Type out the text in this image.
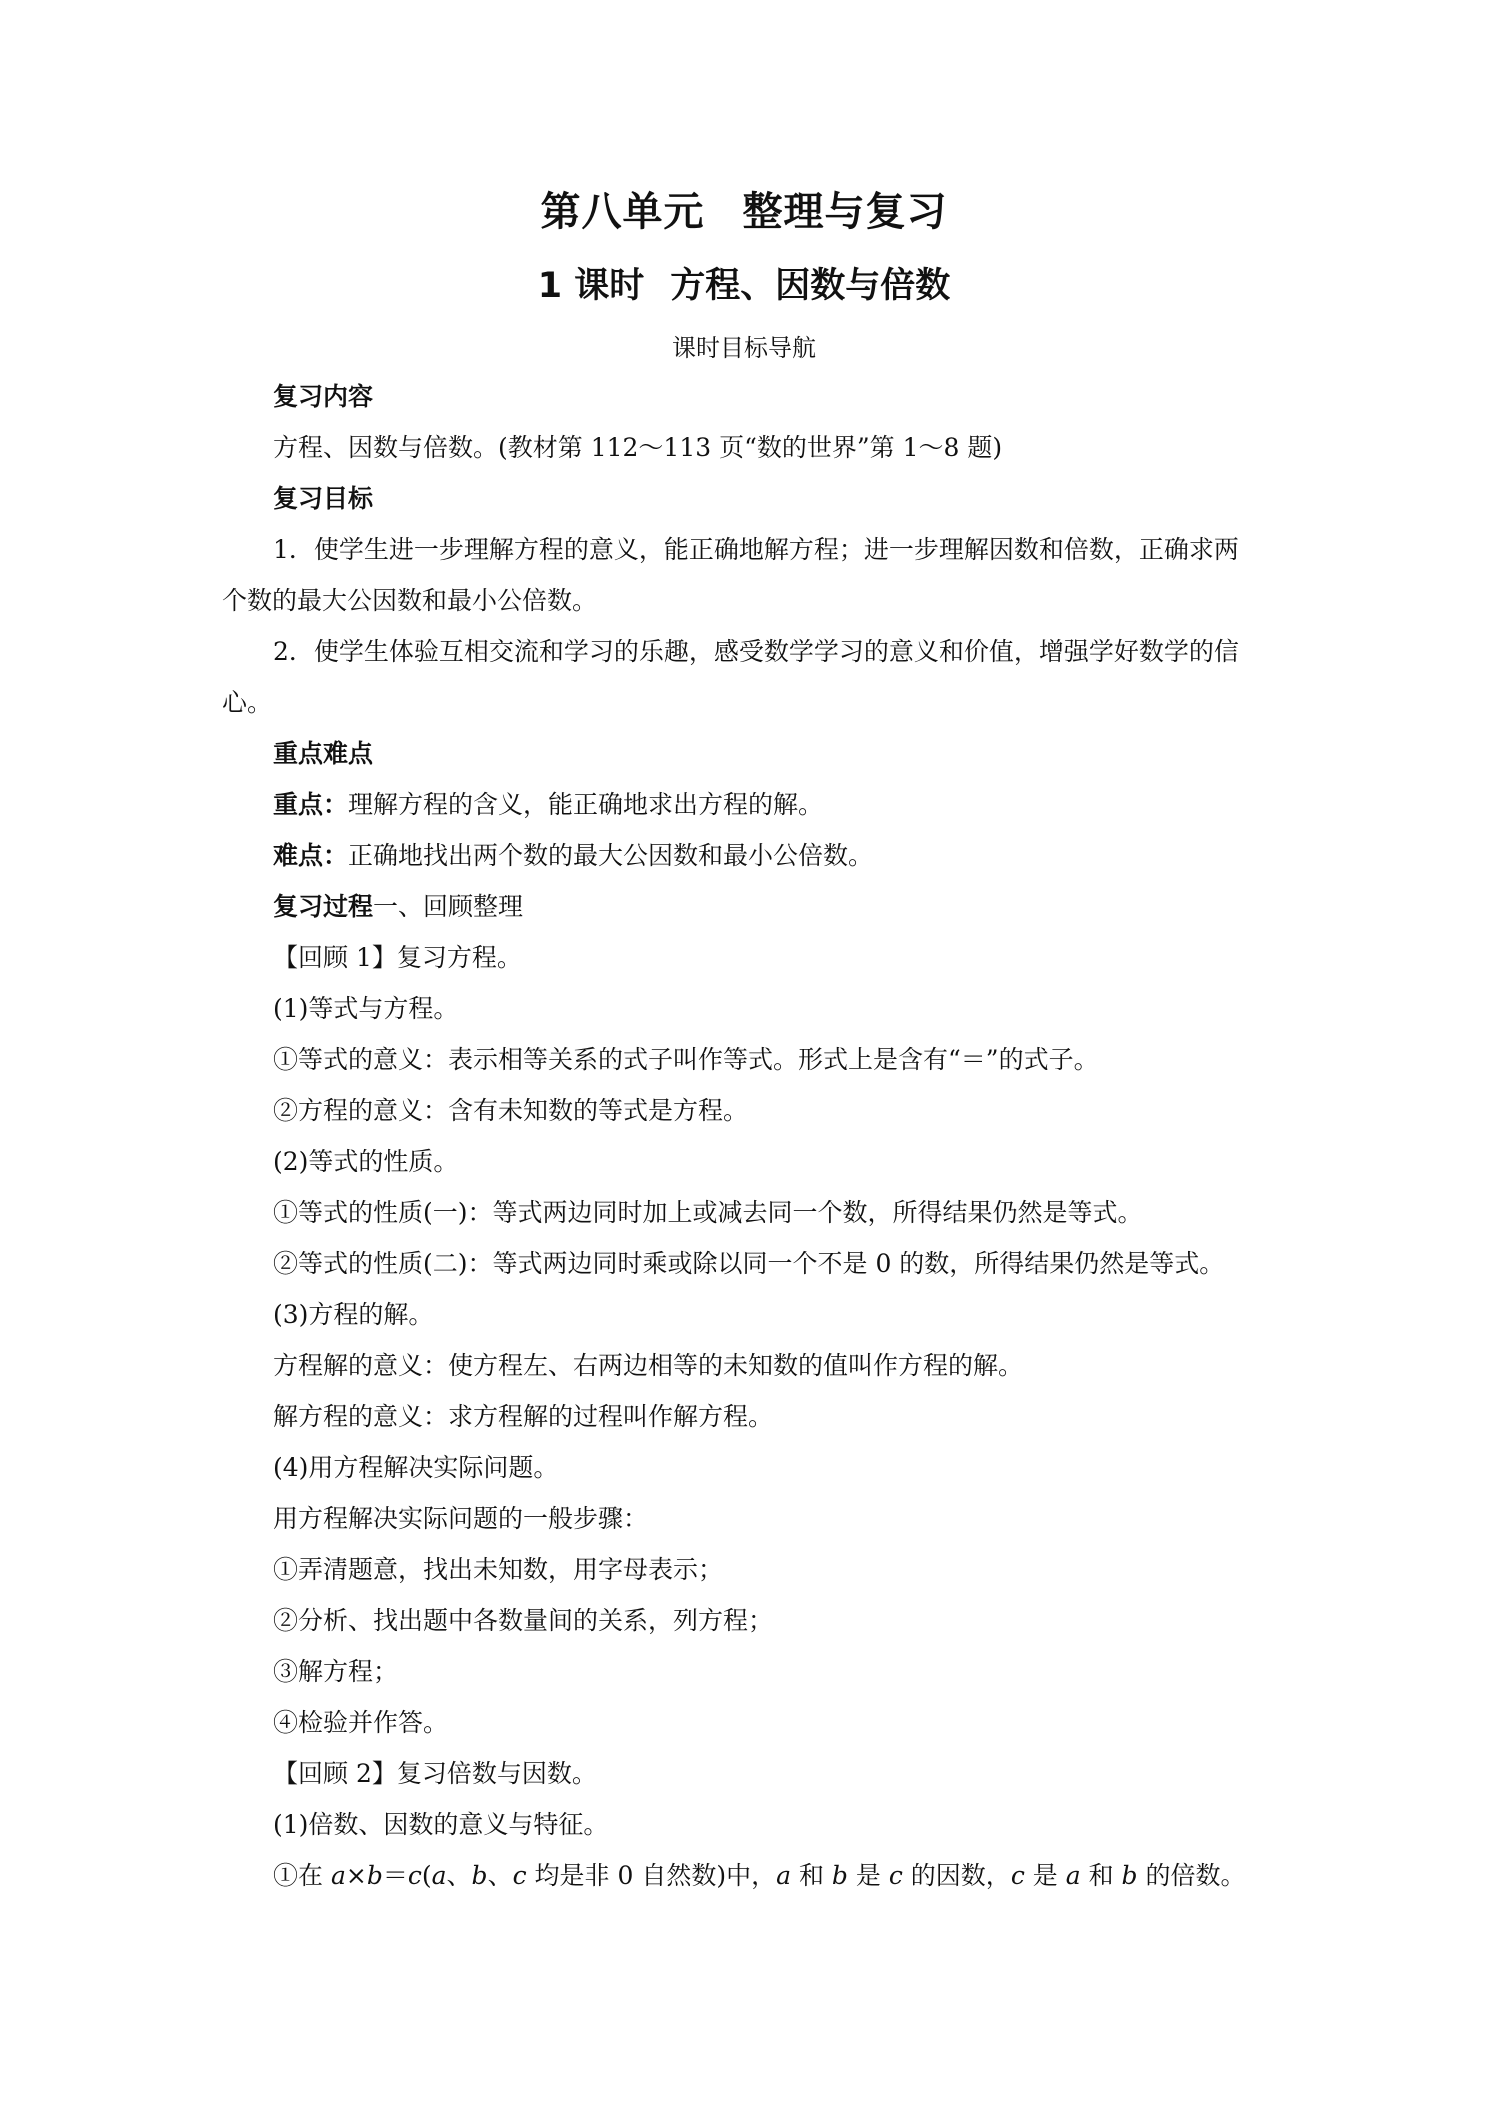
第八单元 整理与复习
1 课时 方程、因数与倍数
课时目标导航
复习内容
方程、因数与倍数。(教材第 112～113 页“数的世界”第 1～8 题)
复习目标
1．使学生进一步理解方程的意义，能正确地解方程；进一步理解因数和倍数，正确求两
个数的最大公因数和最小公倍数。
2．使学生体验互相交流和学习的乐趣，感受数学学习的意义和价值，增强学好数学的信
心。
重点难点
重点：理解方程的含义，能正确地求出方程的解。
难点：正确地找出两个数的最大公因数和最小公倍数。
复习过程一、回顾整理
【回顾 1】复习方程。
(1)等式与方程。
①等式的意义：表示相等关系的式子叫作等式。形式上是含有“＝”的式子。
②方程的意义：含有未知数的等式是方程。
(2)等式的性质。
①等式的性质(一)：等式两边同时加上或减去同一个数，所得结果仍然是等式。
②等式的性质(二)：等式两边同时乘或除以同一个不是 0 的数，所得结果仍然是等式。
(3)方程的解。
方程解的意义：使方程左、右两边相等的未知数的值叫作方程的解。
解方程的意义：求方程解的过程叫作解方程。
(4)用方程解决实际问题。
用方程解决实际问题的一般步骤：
①弄清题意，找出未知数，用字母表示；
②分析、找出题中各数量间的关系，列方程；
③解方程；
④检验并作答。
【回顾 2】复习倍数与因数。
(1)倍数、因数的意义与特征。
①在 a×b＝c(a、b、c 均是非 0 自然数)中，a 和 b 是 c 的因数，c 是 a 和 b 的倍数。
